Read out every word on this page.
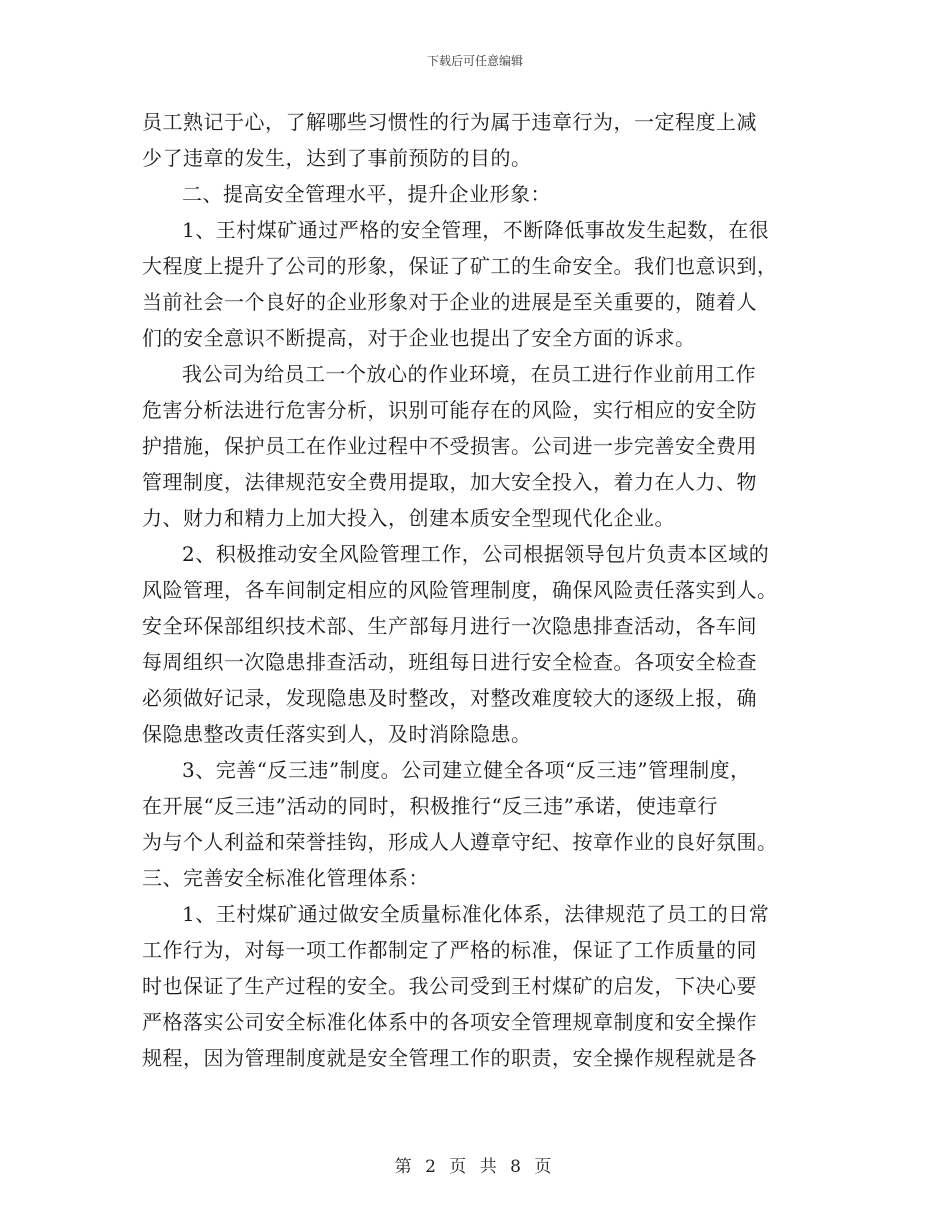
下载后可任意编辑
员工熟记于心，了解哪些习惯性的行为属于违章行为，一定程度上减
少了违章的发生，达到了事前预防的目的。
二、提高安全管理水平，提升企业形象：
1、王村煤矿通过严格的安全管理，不断降低事故发生起数，在很
大程度上提升了公司的形象，保证了矿工的生命安全。我们也意识到，
当前社会一个良好的企业形象对于企业的进展是至关重要的，随着人
们的安全意识不断提高，对于企业也提出了安全方面的诉求。
我公司为给员工一个放心的作业环境，在员工进行作业前用工作
危害分析法进行危害分析，识别可能存在的风险，实行相应的安全防
护措施，保护员工在作业过程中不受损害。公司进一步完善安全费用
管理制度，法律规范安全费用提取，加大安全投入，着力在人力、物
力、财力和精力上加大投入，创建本质安全型现代化企业。
2、积极推动安全风险管理工作，公司根据领导包片负责本区域的
风险管理，各车间制定相应的风险管理制度，确保风险责任落实到人。
安全环保部组织技术部、生产部每月进行一次隐患排查活动，各车间
每周组织一次隐患排查活动，班组每日进行安全检查。各项安全检查
必须做好记录，发现隐患及时整改，对整改难度较大的逐级上报，确
保隐患整改责任落实到人，及时消除隐患。
3、完善“反三违”制度。公司建立健全各项“反三违”管理制度，
在开展“反三违”活动的同时，积极推行“反三违”承诺，使违章行
为与个人利益和荣誉挂钩，形成人人遵章守纪、按章作业的良好氛围。
三、完善安全标准化管理体系：
1、王村煤矿通过做安全质量标准化体系，法律规范了员工的日常
工作行为，对每一项工作都制定了严格的标准，保证了工作质量的同
时也保证了生产过程的安全。我公司受到王村煤矿的启发，下决心要
严格落实公司安全标准化体系中的各项安全管理规章制度和安全操作
规程，因为管理制度就是安全管理工作的职责，安全操作规程就是各
第 2 页 共 8 页
